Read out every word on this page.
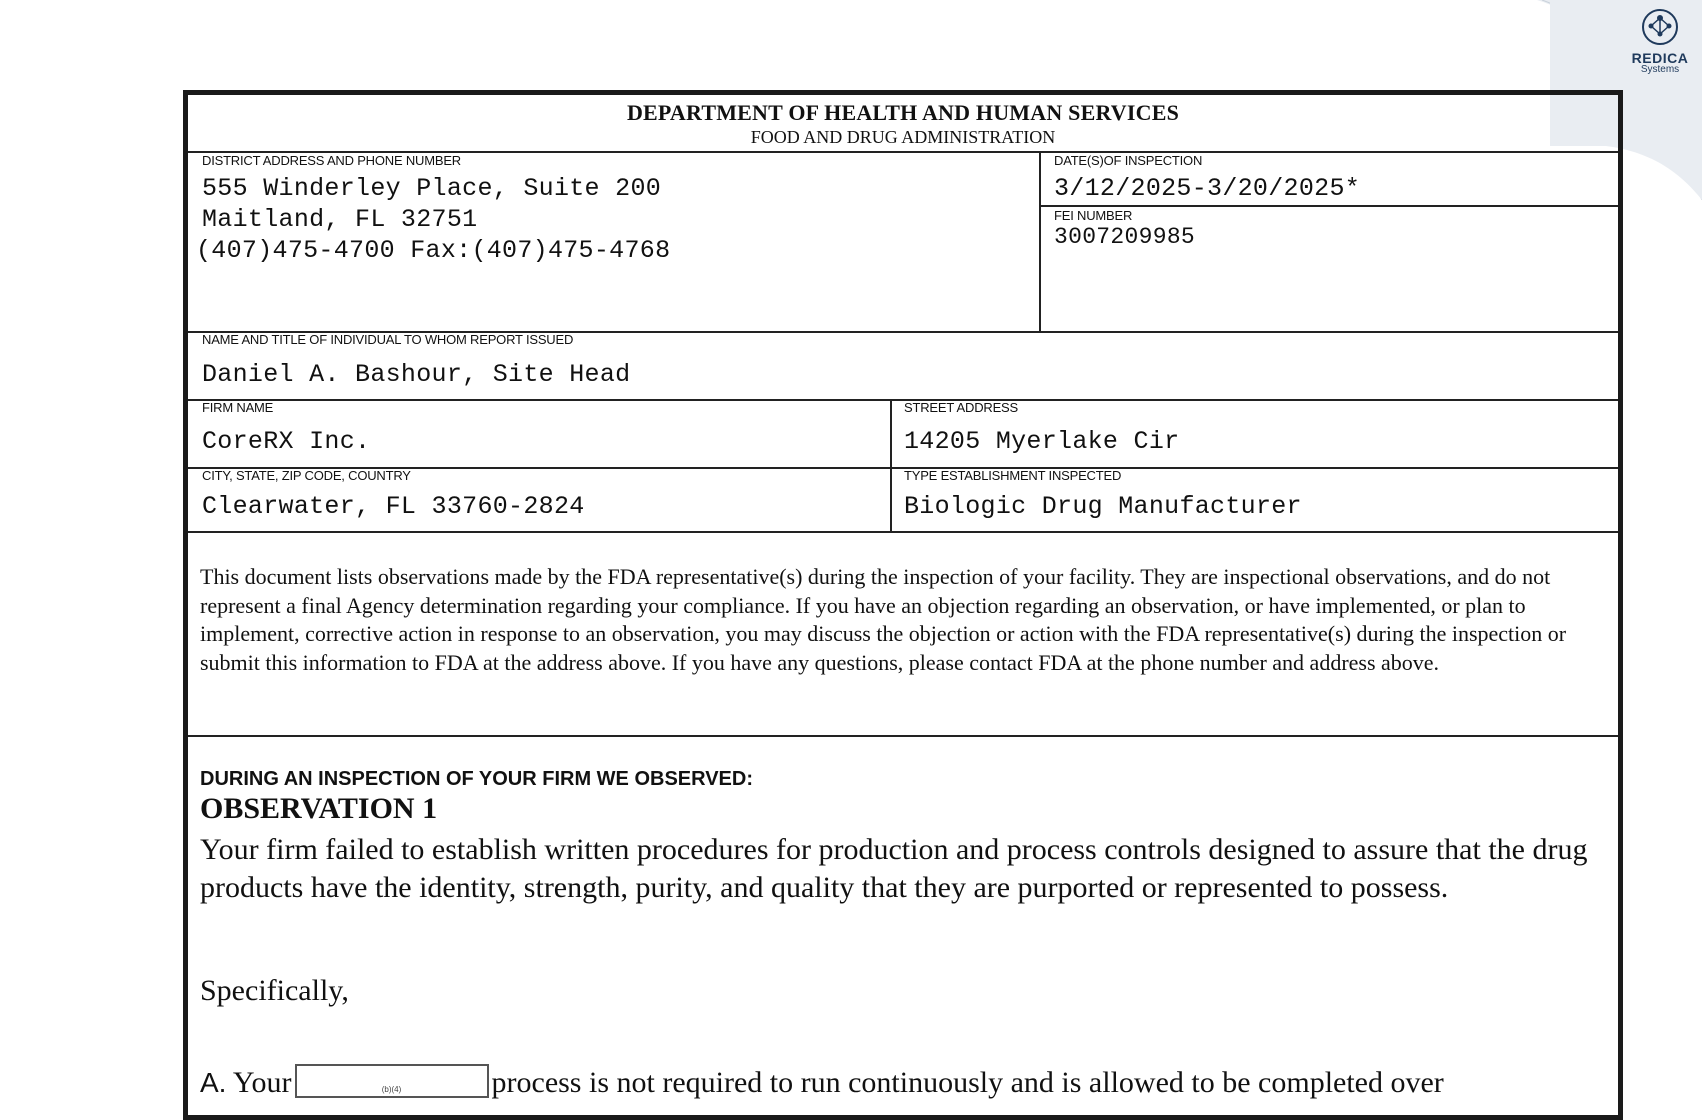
REDICA
Systems
DEPARTMENT OF HEALTH AND HUMAN SERVICES
FOOD AND DRUG ADMINISTRATION
DISTRICT ADDRESS AND PHONE NUMBER
555 Winderley Place, Suite 200
Maitland, FL 32751
(407)475-4700 Fax:(407)475-4768
DATE(S)OF INSPECTION
3/12/2025-3/20/2025*
FEI NUMBER
3007209985
NAME AND TITLE OF INDIVIDUAL TO WHOM REPORT ISSUED
Daniel A. Bashour, Site Head
FIRM NAME
CoreRX Inc.
STREET ADDRESS
14205 Myerlake Cir
CITY, STATE, ZIP CODE, COUNTRY
Clearwater, FL 33760-2824
TYPE ESTABLISHMENT INSPECTED
Biologic Drug Manufacturer
This document lists observations made by the FDA representative(s) during the inspection of your facility. They are inspectional observations, and do not represent a final Agency determination regarding your compliance. If you have an objection regarding an observation, or have implemented, or plan to implement, corrective action in response to an observation, you may discuss the objection or action with the FDA representative(s) during the inspection or submit this information to FDA at the address above. If you have any questions, please contact FDA at the phone number and address above.
DURING AN INSPECTION OF YOUR FIRM WE OBSERVED:
OBSERVATION 1
Your firm failed to establish written procedures for production and process controls designed to assure that the drug products have the identity, strength, purity, and quality that they are purported or represented to possess.
Specifically,
A. Your	(b)(4)	process is not required to run continuously and is allowed to be completed over
